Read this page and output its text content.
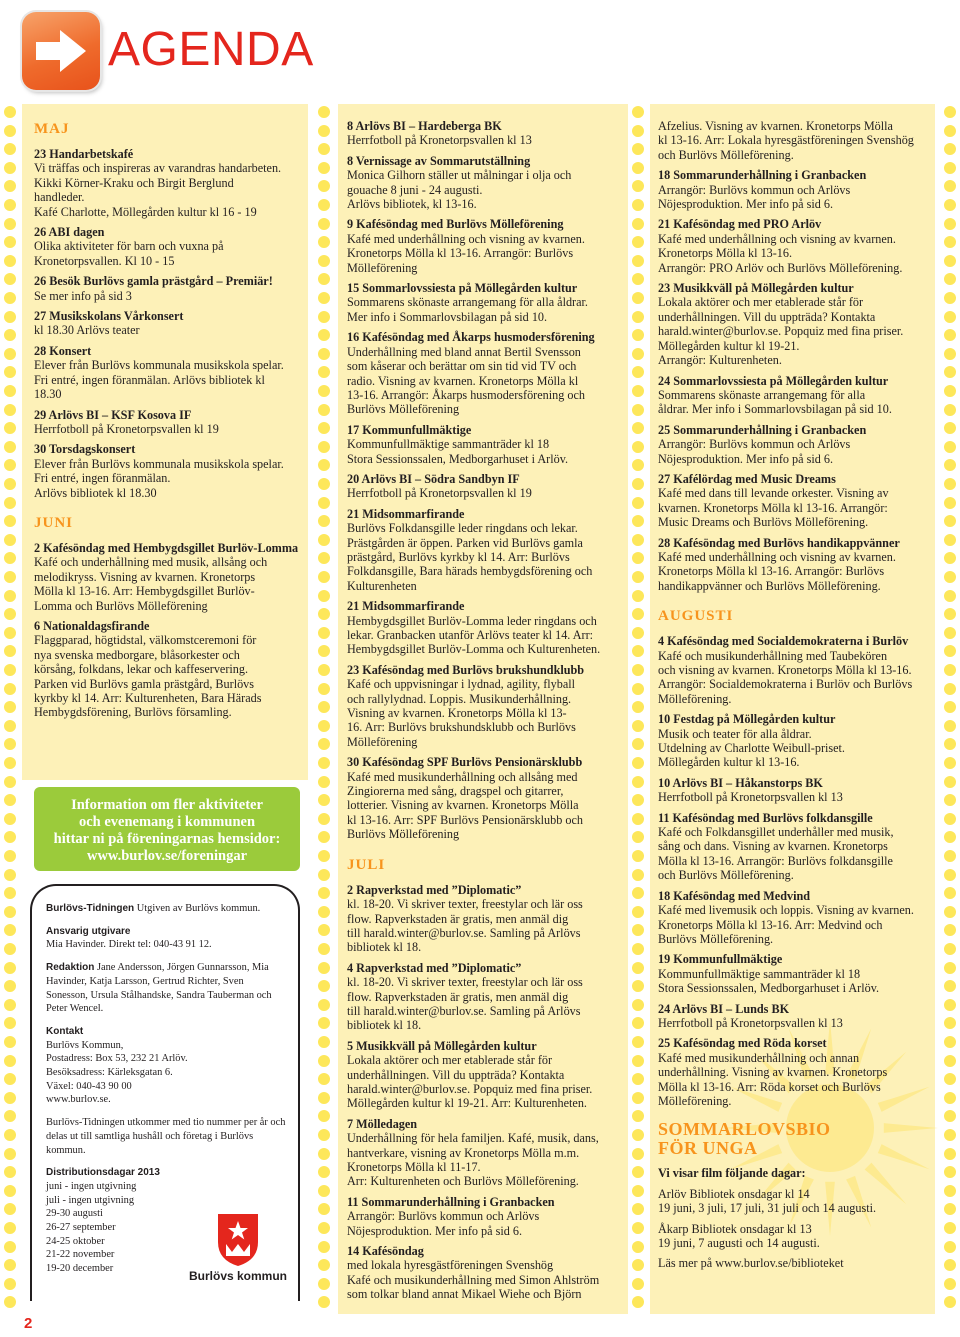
AGENDA
MAJ
23 Handarbetskafé
Vi träffas och inspireras av varandras handarbeten.
Kikki Körner-Kraku och Birgit Berglund
handleder.
Kafé Charlotte, Möllegården kultur kl 16 - 19
26 ABI dagen
Olika aktiviteter för barn och vuxna på
Kronetorpsvallen. Kl 10 - 15
26 Besök Burlövs gamla prästgård – Premiär!
Se mer info på sid 3
27 Musikskolans Vårkonsert
kl 18.30 Arlövs teater
28 Konsert
Elever från Burlövs kommunala musikskola spelar.
Fri entré, ingen föranmälan. Arlövs bibliotek kl
18.30
29 Arlövs BI – KSF Kosova IF
Herrfotboll på Kronetorpsvallen kl 19
30 Torsdagskonsert
Elever från Burlövs kommunala musikskola spelar.
Fri entré, ingen föranmälan.
Arlövs bibliotek kl 18.30
JUNI
2 Kafésöndag med Hembygdsgillet Burlöv-Lomma
Kafé och underhållning med musik, allsång och
melodikryss. Visning av kvarnen. Kronetorps
Mölla kl 13-16. Arr: Hembygdsgillet Burlöv-
Lomma och Burlövs Mölleförening
6 Nationaldagsfirande
Flaggparad, högtidstal, välkomstceremoni för
nya svenska medborgare, blåsorkester och
körsång, folkdans, lekar och kaffeservering.
Parken vid Burlövs gamla prästgård, Burlövs
kyrkby kl 14. Arr: Kulturenheten, Bara Härads
Hembygdsförening, Burlövs församling.
Information om fler aktiviteter
och evenemang i kommunen
hittar ni på föreningarnas hemsidor:
www.burlov.se/foreningar
Burlövs-Tidningen Utgiven av Burlövs kommun.
Ansvarig utgivare
Mia Havinder. Direkt tel: 040-43 91 12.
Redaktion Jane Andersson, Jörgen Gunnarsson, Mia Havinder, Katja Larsson, Gertrud Richter, Sven Sonesson, Ursula Stålhandske, Sandra Tauberman och Peter Wencel.
Kontakt
Burlövs Kommun,
Postadress: Box 53, 232 21 Arlöv.
Besöksadress: Kärleksgatan 6.
Växel: 040-43 90 00
www.burlov.se.
Burlövs-Tidningen utkommer med tio nummer per år och delas ut till samtliga hushåll och företag i Burlövs kommun.
Distributionsdagar 2013
juni - ingen utgivning
juli - ingen utgivning
29-30 augusti
26-27 september
24-25 oktober
21-22 november
19-20 december
Burlövs kommun
2
8 Arlövs BI – Hardeberga BK
Herrfotboll på Kronetorpsvallen kl 13
8 Vernissage av Sommarutställning
Monica Gilhorn ställer ut målningar i olja och
gouache 8 juni - 24 augusti.
Arlövs bibliotek, kl 13-16.
9 Kafésöndag med Burlövs Mölleförening
Kafé med underhållning och visning av kvarnen.
Kronetorps Mölla kl 13-16. Arrangör: Burlövs
Mölleförening
15 Sommarlovssiesta på Möllegården kultur
Sommarens skönaste arrangemang för alla åldrar.
Mer info i Sommarlovsbilagan på sid 10.
16 Kafésöndag med Åkarps husmodersförening
Underhållning med bland annat Bertil Svensson
som kåserar och berättar om sin tid vid TV och
radio. Visning av kvarnen. Kronetorps Mölla kl
13-16. Arrangör: Åkarps husmodersförening och
Burlövs Mölleförening
17 Kommunfullmäktige
Kommunfullmäktige sammanträder kl 18
Stora Sessionssalen, Medborgarhuset i Arlöv.
20 Arlövs BI – Södra Sandbyn IF
Herrfotboll på Kronetorpsvallen kl 19
21 Midsommarfirande
Burlövs Folkdansgille leder ringdans och lekar.
Prästgården är öppen. Parken vid Burlövs gamla
prästgård, Burlövs kyrkby kl 14. Arr: Burlövs
Folkdansgille, Bara härads hembygdsförening och
Kulturenheten
21 Midsommarfirande
Hembygdsgillet Burlöv-Lomma leder ringdans och
lekar. Granbacken utanför Arlövs teater kl 14. Arr:
Hembygdsgillet Burlöv-Lomma och Kulturenheten.
23 Kafésöndag med Burlövs brukshundklubb
Kafé och uppvisningar i lydnad, agility, flyball
och rallylydnad. Loppis. Musikunderhållning.
Visning av kvarnen. Kronetorps Mölla kl 13-
16. Arr: Burlövs brukshundsklubb och Burlövs
Mölleförening
30 Kafésöndag SPF Burlövs Pensionärsklubb
Kafé med musikunderhållning och allsång med
Zingiorerna med sång, dragspel och gitarrer,
lotterier. Visning av kvarnen. Kronetorps Mölla
kl 13-16. Arr: SPF Burlövs Pensionärsklubb och
Burlövs Mölleförening
JULI
2 Rapverkstad med ”Diplomatic”
kl. 18-20. Vi skriver texter, freestylar och lär oss
flow. Rapverkstaden är gratis, men anmäl dig
till harald.winter@burlov.se. Samling på Arlövs
bibliotek kl 18.
4 Rapverkstad med ”Diplomatic”
kl. 18-20. Vi skriver texter, freestylar och lär oss
flow. Rapverkstaden är gratis, men anmäl dig
till harald.winter@burlov.se. Samling på Arlövs
bibliotek kl 18.
5 Musikkväll på Möllegården kultur
Lokala aktörer och mer etablerade står för
underhållningen. Vill du uppträda? Kontakta
harald.winter@burlov.se. Popquiz med fina priser.
Möllegården kultur kl 19-21. Arr: Kulturenheten.
7 Mölledagen
Underhållning för hela familjen. Kafé, musik, dans,
hantverkare, visning av Kronetorps Mölla m.m.
Kronetorps Mölla kl 11-17.
Arr: Kulturenheten och Burlövs Mölleförening.
11 Sommarunderhållning i Granbacken
Arrangör: Burlövs kommun och Arlövs
Nöjesproduktion. Mer info på sid 6.
14 Kafésöndag
med lokala hyresgästföreningen Svenshög
Kafé och musikunderhållning med Simon Ahlström
som tolkar bland annat Mikael Wiehe och Björn
Afzelius. Visning av kvarnen. Kronetorps Mölla
kl 13-16. Arr: Lokala hyresgästföreningen Svenshög
och Burlövs Mölleförening.
18 Sommarunderhållning i Granbacken
Arrangör: Burlövs kommun och Arlövs
Nöjesproduktion. Mer info på sid 6.
21 Kafésöndag med PRO Arlöv
Kafé med underhållning och visning av kvarnen.
Kronetorps Mölla kl 13-16.
Arrangör: PRO Arlöv och Burlövs Mölleförening.
23 Musikkväll på Möllegården kultur
Lokala aktörer och mer etablerade står för
underhållningen. Vill du uppträda? Kontakta
harald.winter@burlov.se. Popquiz med fina priser.
Möllegården kultur kl 19-21.
Arrangör: Kulturenheten.
24 Sommarlovssiesta på Möllegården kultur
Sommarens skönaste arrangemang för alla
åldrar. Mer info i Sommarlovsbilagan på sid 10.
25 Sommarunderhållning i Granbacken
Arrangör: Burlövs kommun och Arlövs
Nöjesproduktion. Mer info på sid 6.
27 Kafélördag med Music Dreams
Kafé med dans till levande orkester. Visning av
kvarnen. Kronetorps Mölla kl 13-16. Arrangör:
Music Dreams och Burlövs Mölleförening.
28 Kafésöndag med Burlövs handikappvänner
Kafé med underhållning och visning av kvarnen.
Kronetorps Mölla kl 13-16. Arrangör: Burlövs
handikappvänner och Burlövs Mölleförening.
AUGUSTI
4 Kafésöndag med Socialdemokraterna i Burlöv
Kafé och musikunderhållning med Taubekören
och visning av kvarnen. Kronetorps Mölla kl 13-16.
Arrangör: Socialdemokraterna i Burlöv och Burlövs
Mölleförening.
10 Festdag på Möllegården kultur
Musik och teater för alla åldrar.
Utdelning av Charlotte Weibull-priset.
Möllegården kultur kl 13-16.
10 Arlövs BI – Håkanstorps BK
Herrfotboll på Kronetorpsvallen kl 13
11 Kafésöndag med Burlövs folkdansgille
Kafé och Folkdansgillet underhåller med musik,
sång och dans. Visning av kvarnen. Kronetorps
Mölla kl 13-16. Arrangör: Burlövs folkdansgille
och Burlövs Mölleförening.
18 Kafésöndag med Medvind
Kafé med livemusik och loppis. Visning av kvarnen.
Kronetorps Mölla kl 13-16. Arr: Medvind och
Burlövs Mölleförening.
19 Kommunfullmäktige
Kommunfullmäktige sammanträder kl 18
Stora Sessionssalen, Medborgarhuset i Arlöv.
24 Arlövs BI – Lunds BK
Herrfotboll på Kronetorpsvallen kl 13
25 Kafésöndag med Röda korset
Kafé med musikunderhållning och annan
underhållning. Visning av kvarnen. Kronetorps
Mölla kl 13-16. Arr: Röda korset och Burlövs
Mölleförening.
SOMMARLOVSBIO
FÖR UNGA
Vi visar film följande dagar:
Arlöv Bibliotek onsdagar kl 14
19 juni, 3 juli, 17 juli, 31 juli och 14 augusti.
Åkarp Bibliotek onsdagar kl 13
19 juni, 7 augusti och 14 augusti.
Läs mer på www.burlov.se/biblioteket
